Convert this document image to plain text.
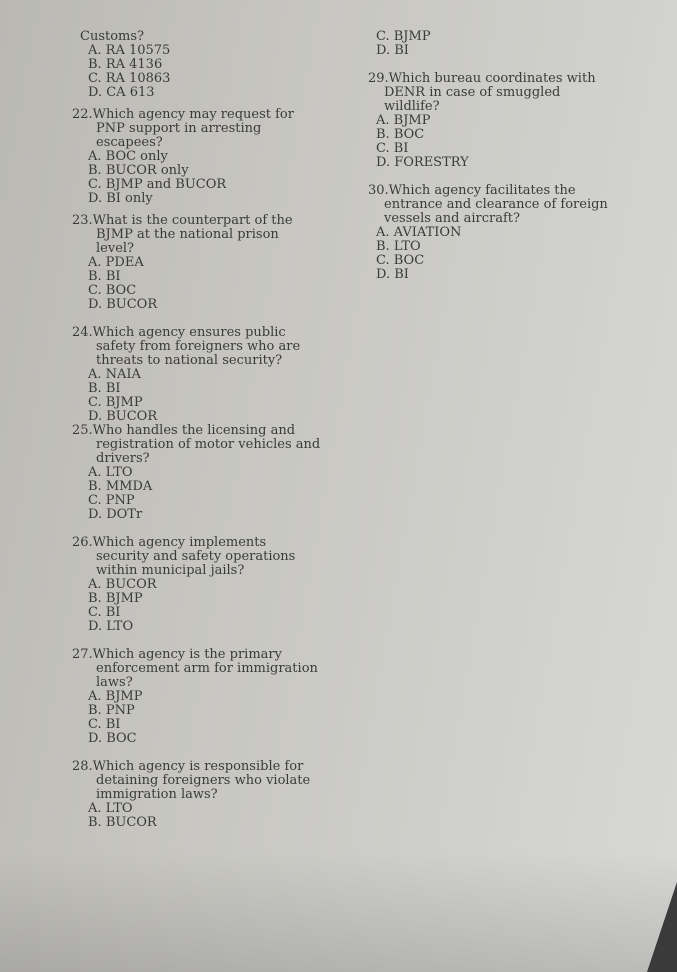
Customs?
A. RA 10575
B. RA 4136
C. RA 10863
D. CA 613
22.Which agency may request for
PNP support in arresting
escapees?
A. BOC only
B. BUCOR only
C. BJMP and BUCOR
D. BI only
23.What is the counterpart of the
BJMP at the national prison
level?
A. PDEA
B. BI
C. BOC
D. BUCOR
24.Which agency ensures public
safety from foreigners who are
threats to national security?
A. NAIA
B. BI
C. BJMP
D. BUCOR
25.Who handles the licensing and
registration of motor vehicles and
drivers?
A. LTO
B. MMDA
C. PNP
D. DOTr
26.Which agency implements
security and safety operations
within municipal jails?
A. BUCOR
B. BJMP
C. BI
D. LTO
27.Which agency is the primary
enforcement arm for immigration
laws?
A. BJMP
B. PNP
C. BI
D. BOC
28.Which agency is responsible for
detaining foreigners who violate
immigration laws?
A. LTO
B. BUCOR
C. BJMP
D. BI
29.Which bureau coordinates with
DENR in case of smuggled
wildlife?
A. BJMP
B. BOC
C. BI
D. FORESTRY
30.Which agency facilitates the
entrance and clearance of foreign
vessels and aircraft?
A. AVIATION
B. LTO
C. BOC
D. BI
